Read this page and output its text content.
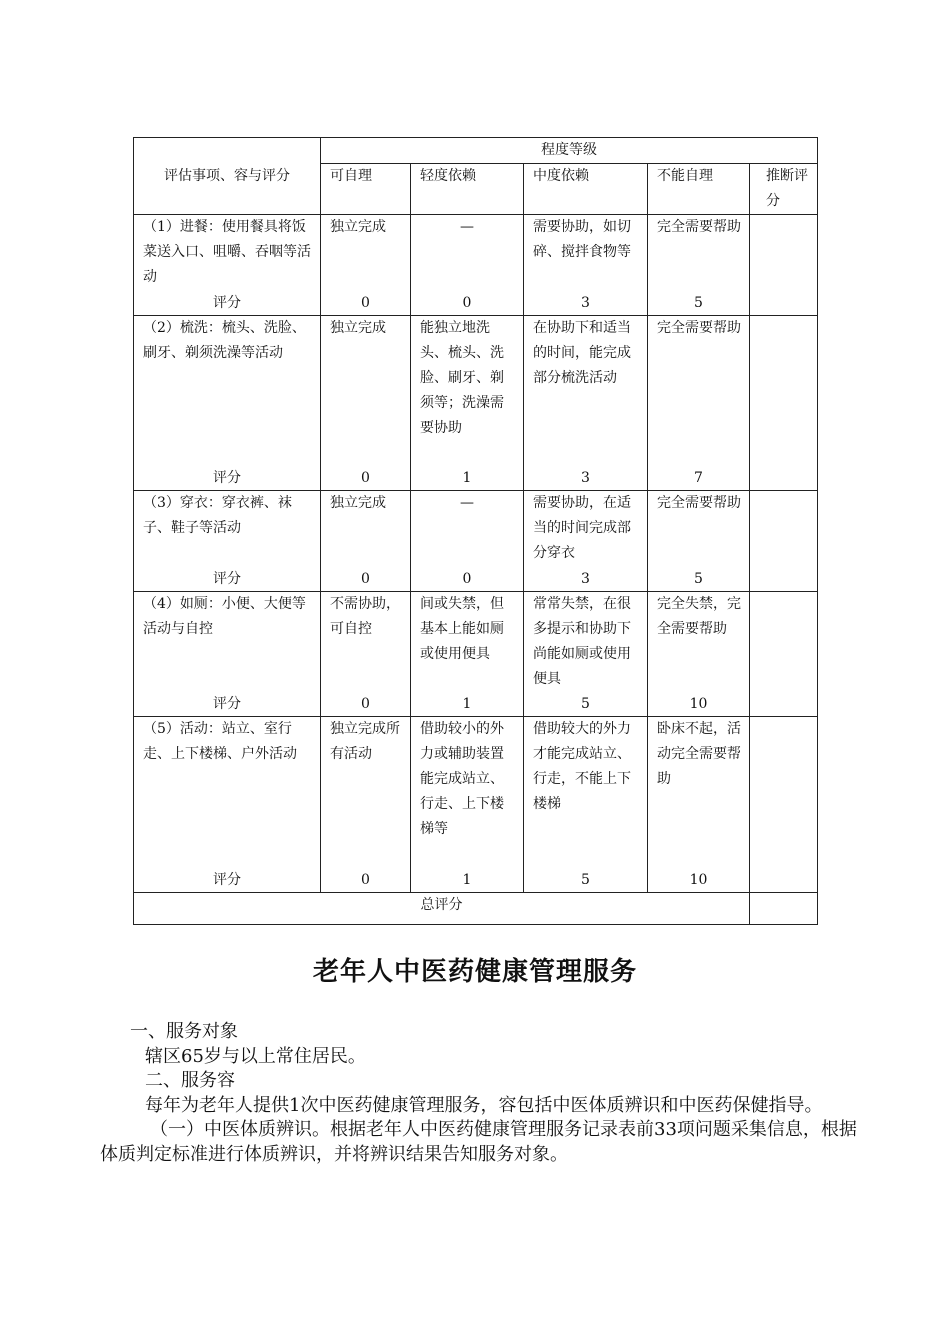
评估事项、容与评分	程度等级				
	可自理	轻度依赖	中度依赖	不能自理	推断评分
（1）进餐：使用餐具将饭菜送入口、咀嚼、吞咽等活动	独立完成	—	需要协助，如切碎、搅拌食物等	完全需要帮助	
评分	0	0	3	5	
（2）梳洗：梳头、洗脸、刷牙、剃须洗澡等活动	独立完成	能独立地洗头、梳头、洗脸、刷牙、剃须等；洗澡需要协助	在协助下和适当的时间，能完成部分梳洗活动	完全需要帮助	
评分	0	1	3	7	
（3）穿衣：穿衣裤、袜子、鞋子等活动	独立完成	—	需要协助，在适当的时间完成部分穿衣	完全需要帮助	
评分	0	0	3	5	
（4）如厕：小便、大便等活动与自控	不需协助，可自控	间或失禁，但基本上能如厕或使用便具	常常失禁，在很多提示和协助下尚能如厕或使用便具	完全失禁，完全需要帮助	
评分	0	1	5	10	
（5）活动：站立、室行走、上下楼梯、户外活动	独立完成所有活动	借助较小的外力或辅助装置能完成站立、行走、上下楼梯等	借助较大的外力才能完成站立、行走，不能上下楼梯	卧床不起，活动完全需要帮助	
评分	0	1	5	10	
总评分					
老年人中医药健康管理服务

一、服务对象

辖区65岁与以上常住居民。

二、服务容

每年为老年人提供1次中医药健康管理服务，容包括中医体质辨识和中医药保健指导。

（一）中医体质辨识。根据老年人中医药健康管理服务记录表前33项问题采集信息，根据体质判定标准进行体质辨识，并将辨识结果告知服务对象。
